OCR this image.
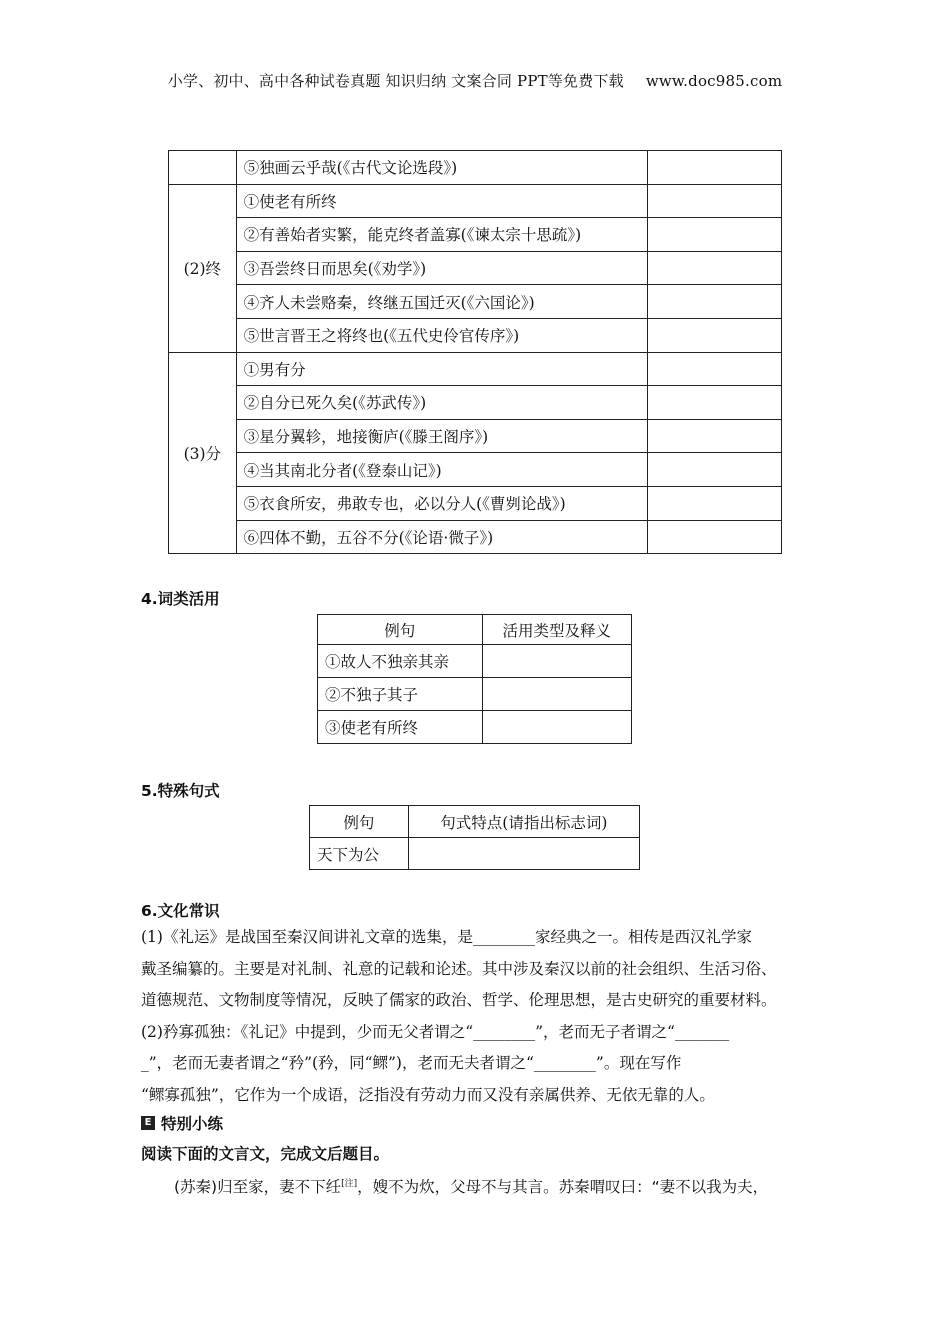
小学、初中、高中各种试卷真题 知识归纳 文案合同 PPT等免费下载 www.doc985.com
	⑤独画云乎哉(《古代文论选段》)	
(2)终	①使老有所终	
	②有善始者实繁，能克终者盖寡(《谏太宗十思疏》)	
	③吾尝终日而思矣(《劝学》)	
	④齐人未尝赂秦，终继五国迁灭(《六国论》)	
	⑤世言晋王之将终也(《五代史伶官传序》)	
(3)分	①男有分	
	②自分已死久矣(《苏武传》)	
	③星分翼轸，地接衡庐(《滕王阁序》)	
	④当其南北分者(《登泰山记》)	
	⑤衣食所安，弗敢专也，必以分人(《曹刿论战》)	
	⑥四体不勤，五谷不分(《论语·微子》)	
4.词类活用
例句	活用类型及释义
①故人不独亲其亲	
②不独子其子	
③使老有所终	
5.特殊句式
例句	句式特点(请指出标志词)
天下为公	
6.文化常识
(1)《礼运》是战国至秦汉间讲礼文章的选集，是________家经典之一。相传是西汉礼学家
戴圣编纂的。主要是对礼制、礼意的记载和论述。其中涉及秦汉以前的社会组织、生活习俗、
道德规范、文物制度等情况，反映了儒家的政治、哲学、伦理思想，是古史研究的重要材料。
(2)矜寡孤独：《礼记》中提到，少而无父者谓之“________”，老而无子者谓之“_______
_”，老而无妻者谓之“矜”(矜，同“鳏”)，老而无夫者谓之“________”。现在写作
“鳏寡孤独”，它作为一个成语，泛指没有劳动力而又没有亲属供养、无依无靠的人。
E 特别小练
阅读下面的文言文，完成文后题目。
(苏秦)归至家，妻不下纴[注]，嫂不为炊，父母不与其言。苏秦喟叹曰：“妻不以我为夫，
